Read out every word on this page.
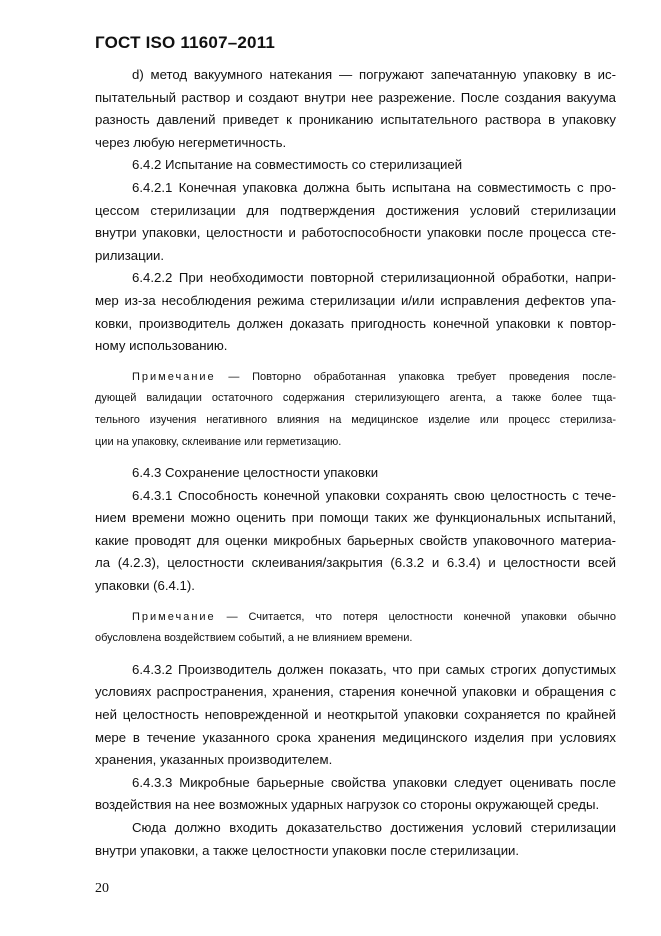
ГОСТ ISO 11607–2011
d) метод вакуумного натекания — погружают запечатанную упаковку в ис-
пытательный раствор и создают внутри нее разрежение. После создания вакуума
разность давлений приведет к прониканию испытательного раствора в упаковку
через любую негерметичность.
6.4.2 Испытание на совместимость со стерилизацией
6.4.2.1 Конечная упаковка должна быть испытана на совместимость с про-
цессом стерилизации для подтверждения достижения условий стерилизации
внутри упаковки, целостности и работоспособности упаковки после процесса сте-
рилизации.
6.4.2.2 При необходимости повторной стерилизационной обработки, напри-
мер из-за несоблюдения режима стерилизации и/или исправления дефектов упа-
ковки, производитель должен доказать пригодность конечной упаковки к повтор-
ному использованию.
Примечание — Повторно обработанная упаковка требует проведения после-
дующей валидации остаточного содержания стерилизующего агента, а также более тща-
тельного изучения негативного влияния на медицинское изделие или процесс стерилиза-
ции на упаковку, склеивание или герметизацию.
6.4.3 Сохранение целостности упаковки
6.4.3.1 Способность конечной упаковки сохранять свою целостность с тече-
нием времени можно оценить при помощи таких же функциональных испытаний,
какие проводят для оценки микробных барьерных свойств упаковочного материа-
ла (4.2.3), целостности склеивания/закрытия (6.3.2 и 6.3.4) и целостности всей
упаковки (6.4.1).
Примечание — Считается, что потеря целостности конечной упаковки обычно
обусловлена воздействием событий, а не влиянием времени.
6.4.3.2 Производитель должен показать, что при самых строгих допустимых
условиях распространения, хранения, старения конечной упаковки и обращения с
ней целостность неповрежденной и неоткрытой упаковки сохраняется по крайней
мере в течение указанного срока хранения медицинского изделия при условиях
хранения, указанных производителем.
6.4.3.3 Микробные барьерные свойства упаковки следует оценивать после
воздействия на нее возможных ударных нагрузок со стороны окружающей среды.
Сюда должно входить доказательство достижения условий стерилизации
внутри упаковки, а также целостности упаковки после стерилизации.
20
